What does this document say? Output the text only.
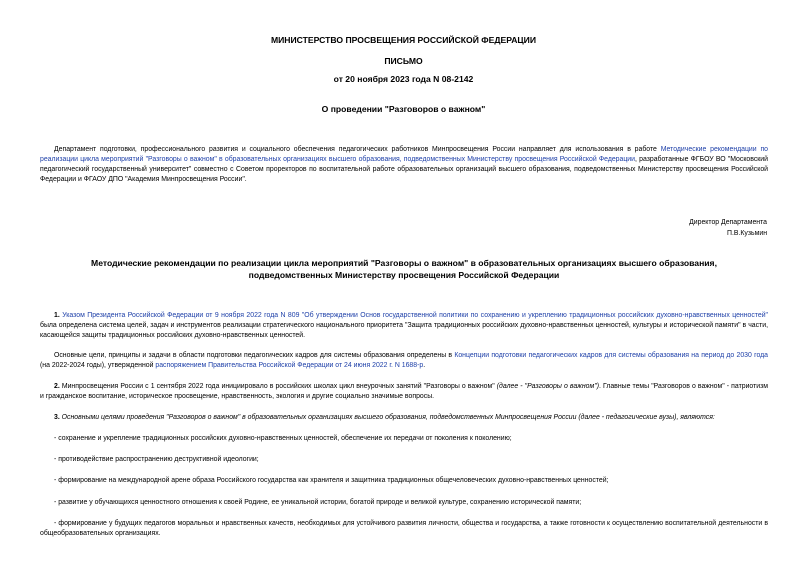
МИНИСТЕРСТВО ПРОСВЕЩЕНИЯ РОССИЙСКОЙ ФЕДЕРАЦИИ
ПИСЬМО
от 20 ноября 2023 года N 08-2142
О проведении "Разговоров о важном"
Департамент подготовки, профессионального развития и социального обеспечения педагогических работников Минпросвещения России направляет для использования в работе Методические рекомендации по реализации цикла мероприятий "Разговоры о важном" в образовательных организациях высшего образования, подведомственных Министерству просвещения Российской Федерации, разработанные ФГБОУ ВО "Московский педагогический государственный университет" совместно с Советом проректоров по воспитательной работе образовательных организаций высшего образования, подведомственных Министерству просвещения Российской Федерации и ФГАОУ ДПО "Академия Минпросвещения России".
Директор Департамента
П.В.Кузьмин
Методические рекомендации по реализации цикла мероприятий "Разговоры о важном" в образовательных организациях высшего образования,
подведомственных Министерству просвещения Российской Федерации
1. Указом Президента Российской Федерации от 9 ноября 2022 года N 809 "Об утверждении Основ государственной политики по сохранению и укреплению традиционных российских духовно-нравственных ценностей" была определена система целей, задач и инструментов реализации стратегического национального приоритета "Защита традиционных российских духовно-нравственных ценностей, культуры и исторической памяти" в части, касающейся защиты традиционных российских духовно-нравственных ценностей.
Основные цели, принципы и задачи в области подготовки педагогических кадров для системы образования определены в Концепции подготовки педагогических кадров для системы образования на период до 2030 года (на 2022-2024 годы), утвержденной распоряжением Правительства Российской Федерации от 24 июня 2022 г. N 1688-р.
2. Минпросвещения России с 1 сентября 2022 года инициировало в российских школах цикл внеурочных занятий "Разговоры о важном" (далее - "Разговоры о важном"). Главные темы "Разговоров о важном" - патриотизм и гражданское воспитание, историческое просвещение, нравственность, экология и другие социально значимые вопросы.
3. Основными целями проведения "Разговоров о важном" в образовательных организациях высшего образования, подведомственных Минпросвещения России (далее - педагогические вузы), являются:
- сохранение и укрепление традиционных российских духовно-нравственных ценностей, обеспечение их передачи от поколения к поколению;
- противодействие распространению деструктивной идеологии;
- формирование на международной арене образа Российского государства как хранителя и защитника традиционных общечеловеческих духовно-нравственных ценностей;
- развитие у обучающихся ценностного отношения к своей Родине, ее уникальной истории, богатой природе и великой культуре, сохранению исторической памяти;
- формирование у будущих педагогов моральных и нравственных качеств, необходимых для устойчивого развития личности, общества и государства, а также готовности к осуществлению воспитательной деятельности в общеобразовательных организациях.
